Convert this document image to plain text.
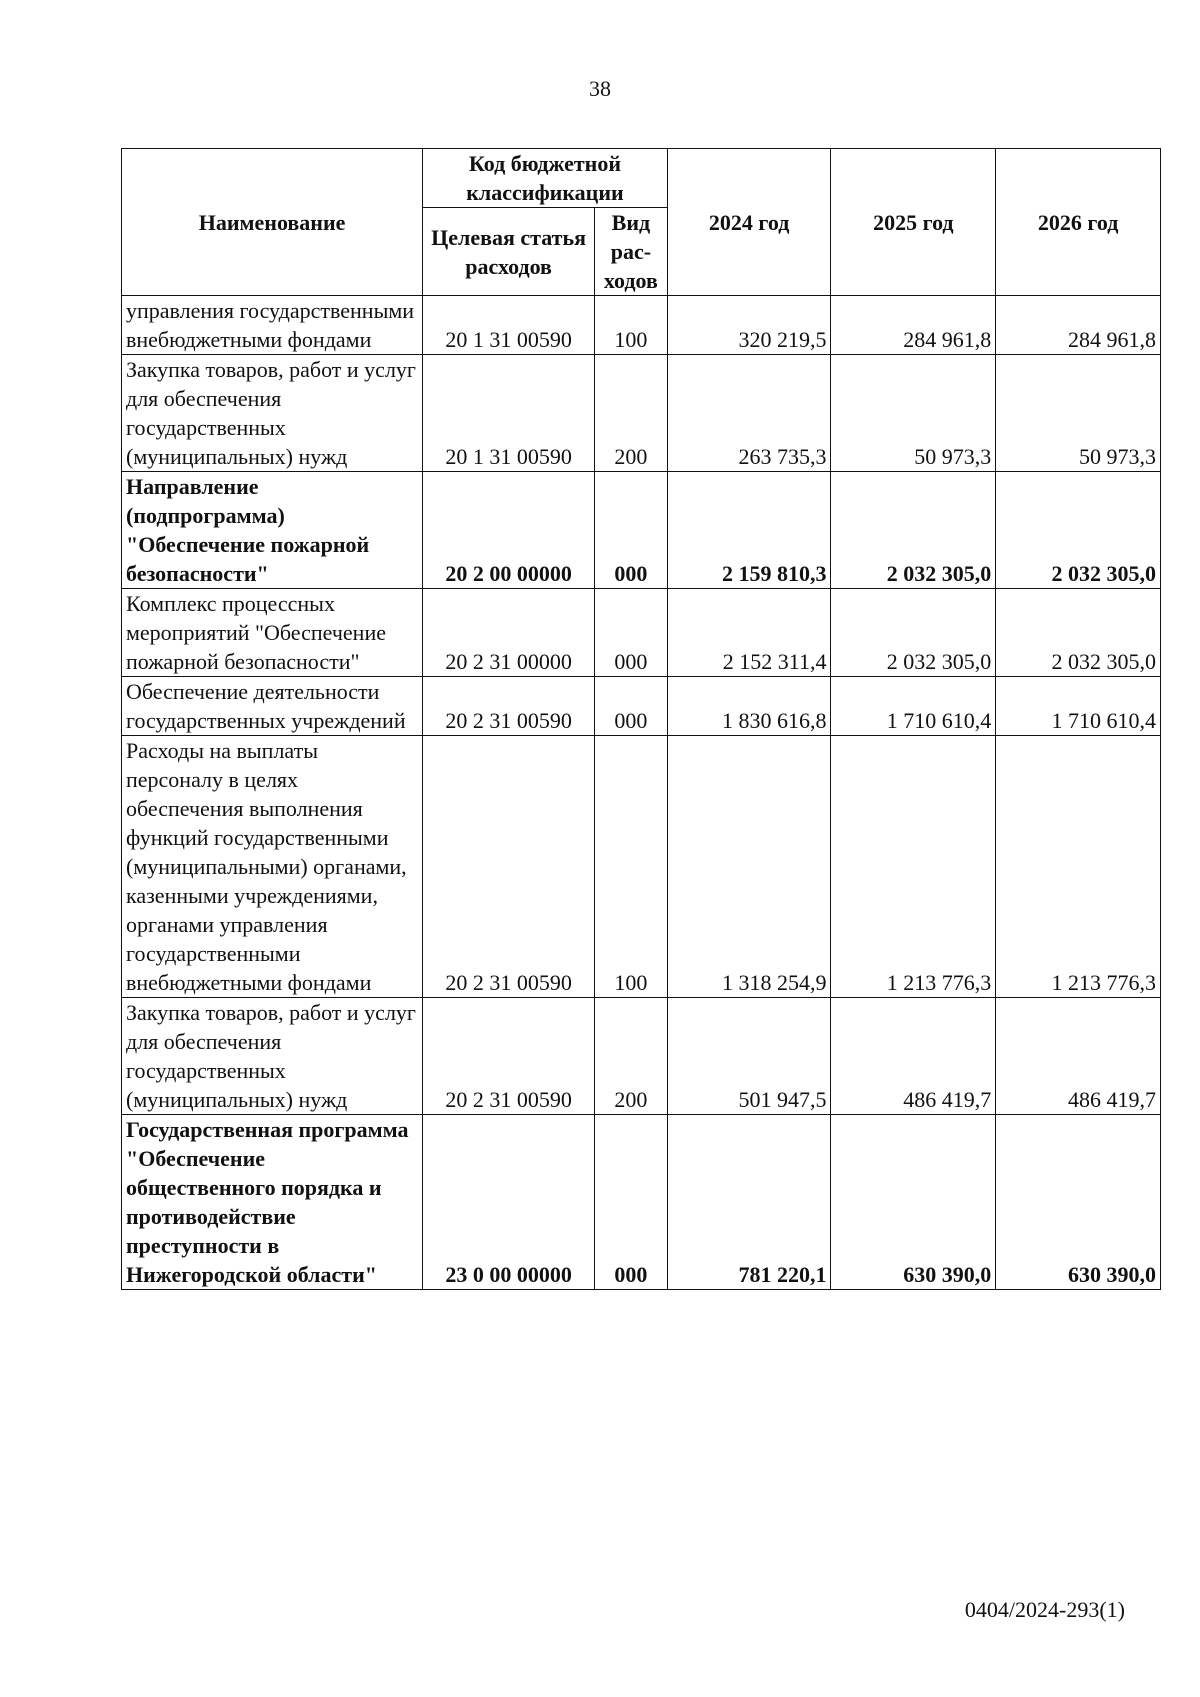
38
Наименование	Код бюджетной классификации		2024 год	2025 год	2026 год
	Целевая статья расходов	Вид рас-ходов			
управления государственными внебюджетными фондами	20 1 31 00590	100	320 219,5	284 961,8	284 961,8
Закупка товаров, работ и услуг для обеспечения государственных (муниципальных) нужд	20 1 31 00590	200	263 735,3	50 973,3	50 973,3
Направление (подпрограмма) "Обеспечение пожарной безопасности"	20 2 00 00000	000	2 159 810,3	2 032 305,0	2 032 305,0
Комплекс процессных мероприятий "Обеспечение пожарной безопасности"	20 2 31 00000	000	2 152 311,4	2 032 305,0	2 032 305,0
Обеспечение деятельности государственных учреждений	20 2 31 00590	000	1 830 616,8	1 710 610,4	1 710 610,4
Расходы на выплаты персоналу в целях обеспечения выполнения функций государственными (муниципальными) органами, казенными учреждениями, органами управления государственными внебюджетными фондами	20 2 31 00590	100	1 318 254,9	1 213 776,3	1 213 776,3
Закупка товаров, работ и услуг для обеспечения государственных (муниципальных) нужд	20 2 31 00590	200	501 947,5	486 419,7	486 419,7
Государственная программа "Обеспечение общественного порядка и противодействие преступности в Нижегородской области"	23 0 00 00000	000	781 220,1	630 390,0	630 390,0
0404/2024-293(1)
